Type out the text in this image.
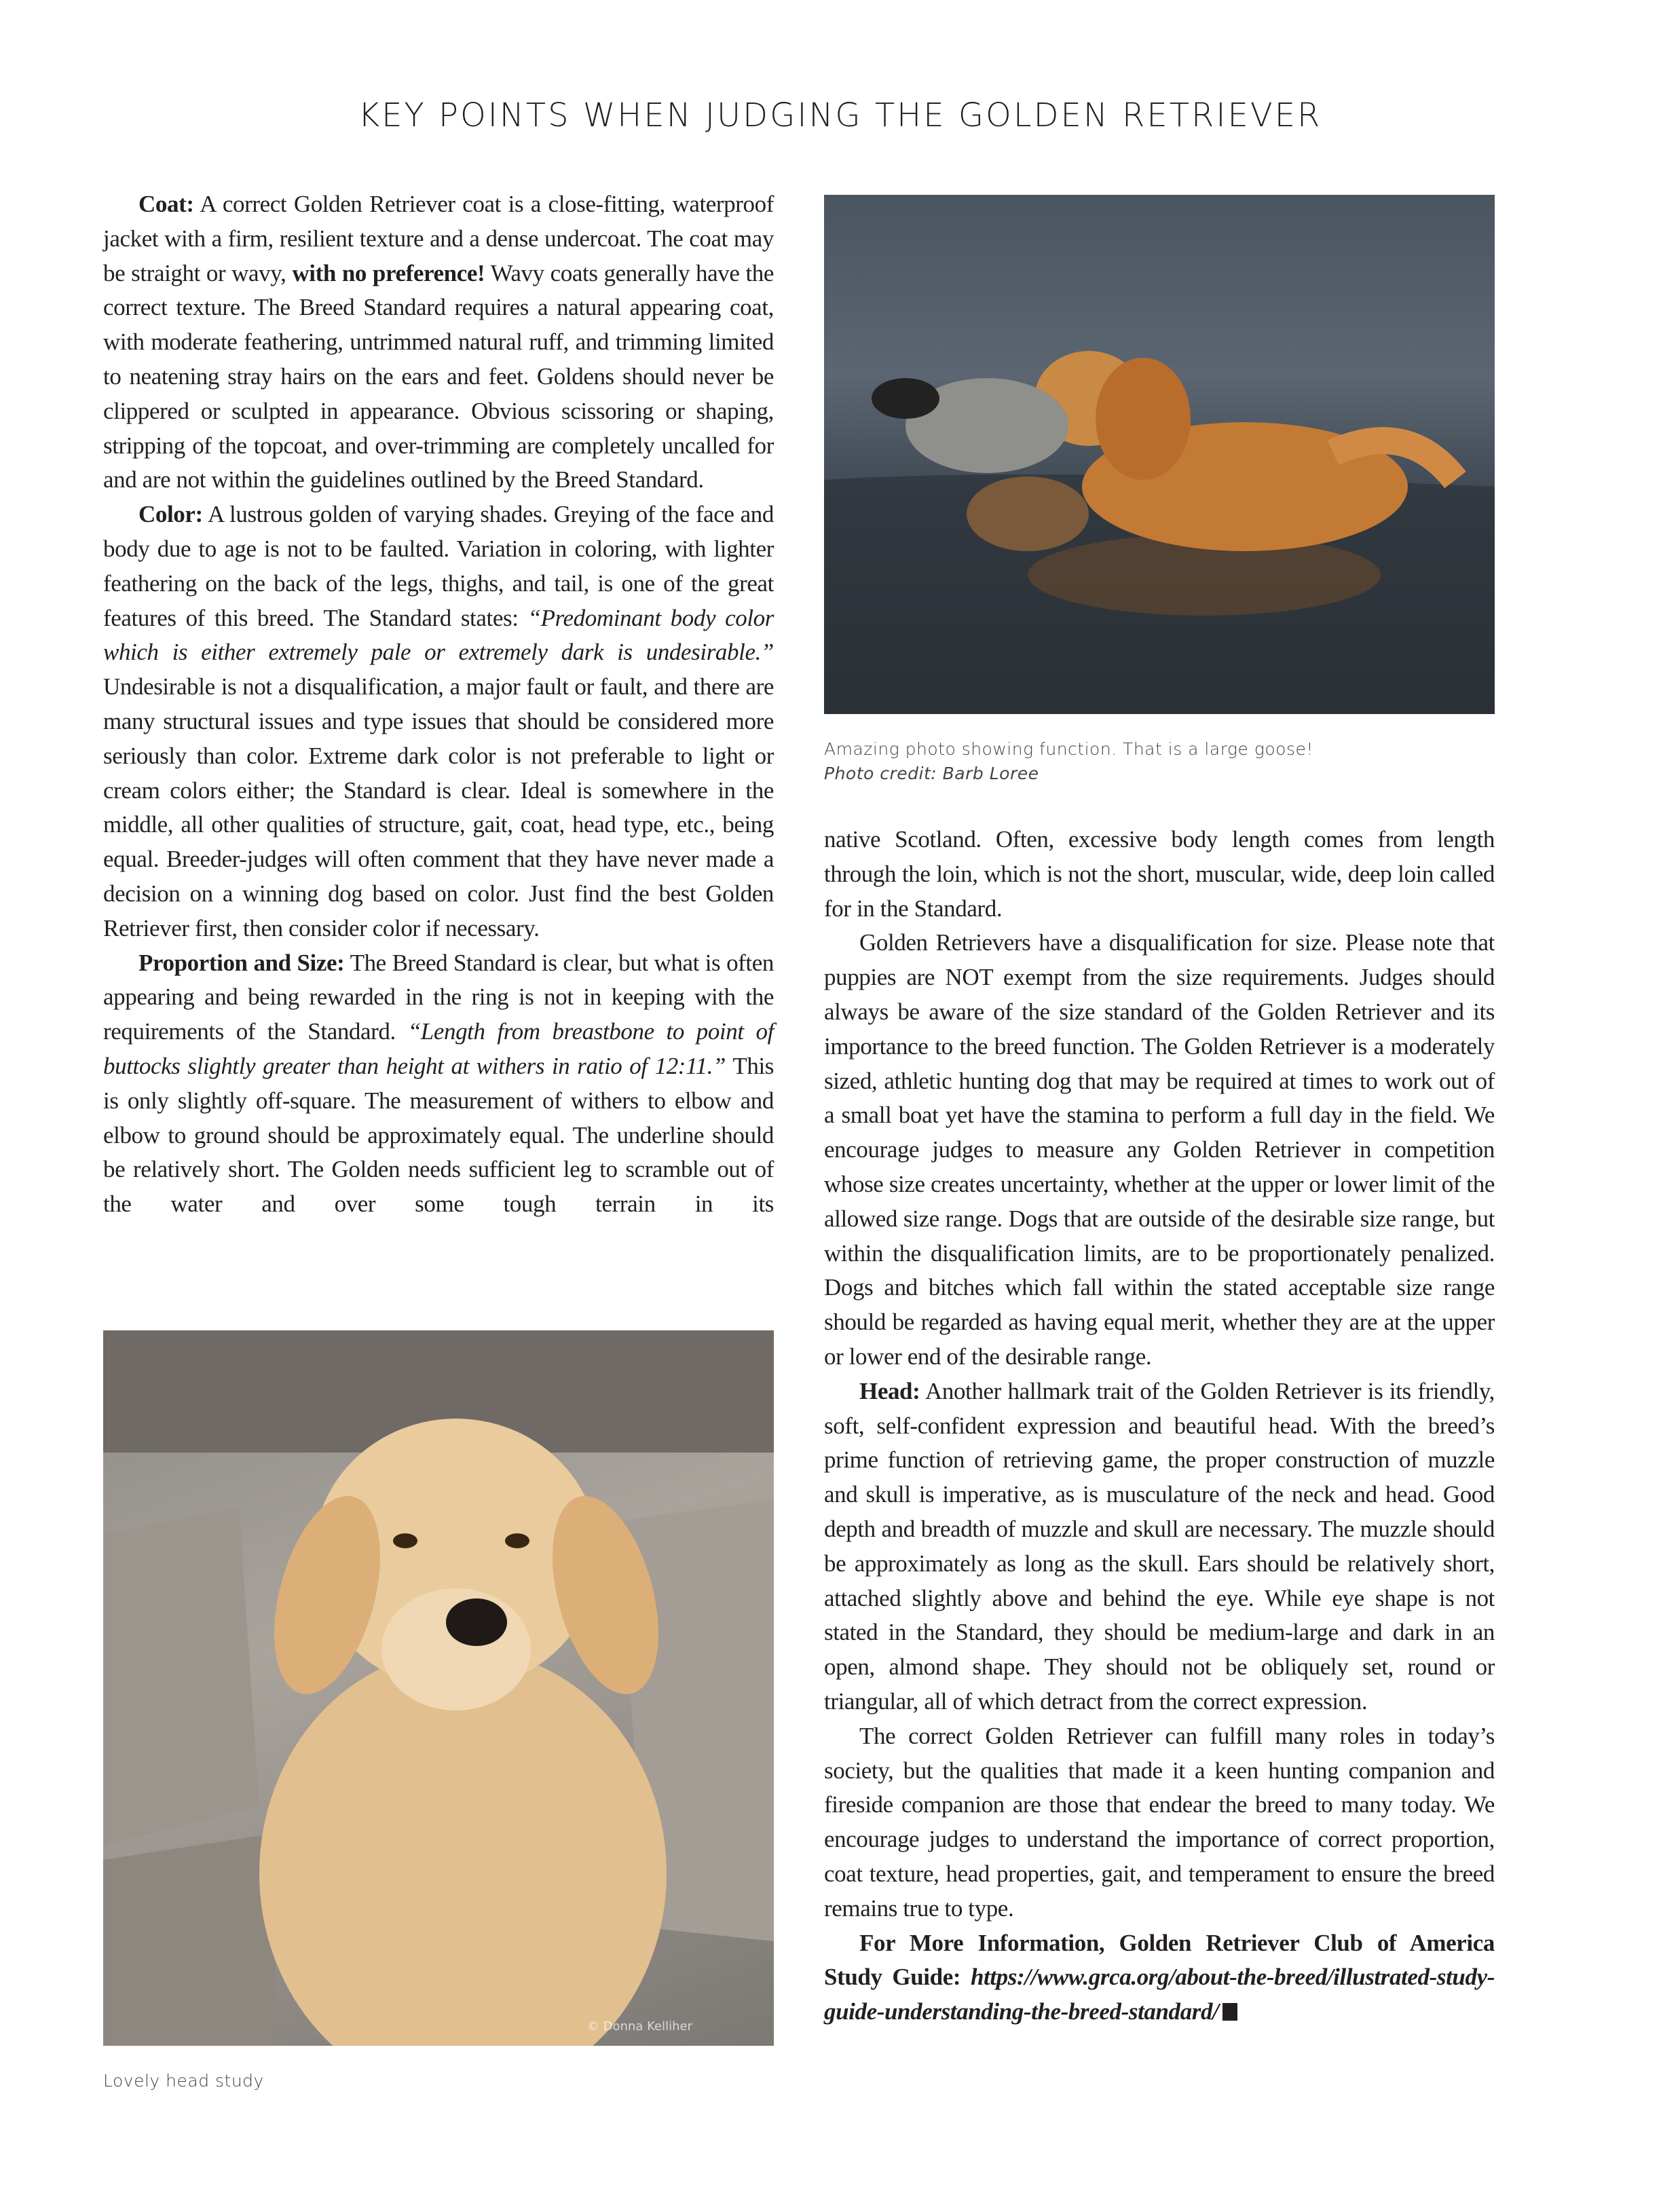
KEY POINTS WHEN JUDGING THE GOLDEN RETRIEVER

Coat: A correct Golden Retriever coat is a close-fitting, waterproof jacket with a firm, resilient texture and a dense undercoat. The coat may be straight or wavy, with no preference! Wavy coats generally have the correct texture. The Breed Standard requires a natural appearing coat, with moderate feathering, untrimmed natural ruff, and trimming limited to neatening stray hairs on the ears and feet. Goldens should never be clippered or sculpted in appearance. Obvious scissoring or shaping, stripping of the topcoat, and over-trimming are completely uncalled for and are not within the guidelines outlined by the Breed Standard.

Color: A lustrous golden of varying shades. Greying of the face and body due to age is not to be faulted. Variation in coloring, with lighter feathering on the back of the legs, thighs, and tail, is one of the great features of this breed. The Standard states: “Predominant body color which is either extremely pale or extremely dark is undesirable.” Undesirable is not a disqualification, a major fault or fault, and there are many structural issues and type issues that should be considered more seriously than color. Extreme dark color is not preferable to light or cream colors either; the Standard is clear. Ideal is somewhere in the middle, all other qualities of structure, gait, coat, head type, etc., being equal. Breeder-judges will often comment that they have never made a decision on a winning dog based on color. Just find the best Golden Retriever first, then consider color if necessary.

Proportion and Size: The Breed Standard is clear, but what is often appearing and being rewarded in the ring is not in keeping with the requirements of the Standard. “Length from breastbone to point of buttocks slightly greater than height at withers in ratio of 12:11.” This is only slightly off-square. The measurement of withers to elbow and elbow to ground should be approximately equal. The underline should be relatively short. The Golden needs sufficient leg to scramble out of the water and over some tough terrain in its

Amazing photo showing function. That is a large goose!
Photo credit: Barb Loree

native Scotland. Often, excessive body length comes from length through the loin, which is not the short, muscular, wide, deep loin called for in the Standard.

Golden Retrievers have a disqualification for size. Please note that puppies are NOT exempt from the size requirements. Judges should always be aware of the size standard of the Golden Retriever and its importance to the breed function. The Golden Retriever is a moderately sized, athletic hunting dog that may be required at times to work out of a small boat yet have the stamina to perform a full day in the field. We encourage judges to measure any Golden Retriever in competition whose size creates uncertainty, whether at the upper or lower limit of the allowed size range. Dogs that are outside of the desirable size range, but within the disqualification limits, are to be proportionately penalized. Dogs and bitches which fall within the stated acceptable size range should be regarded as having equal merit, whether they are at the upper or lower end of the desirable range.

Head: Another hallmark trait of the Golden Retriever is its friendly, soft, self-confident expression and beautiful head. With the breed’s prime function of retrieving game, the proper construction of muzzle and skull is imperative, as is musculature of the neck and head. Good depth and breadth of muzzle and skull are necessary. The muzzle should be approximately as long as the skull. Ears should be relatively short, attached slightly above and behind the eye. While eye shape is not stated in the Standard, they should be medium-large and dark in an open, almond shape. They should not be obliquely set, round or triangular, all of which detract from the correct expression.

The correct Golden Retriever can fulfill many roles in today’s society, but the qualities that made it a keen hunting companion and fireside companion are those that endear the breed to many today. We encourage judges to understand the importance of correct proportion, coat texture, head properties, gait, and temperament to ensure the breed remains true to type.

For More Information, Golden Retriever Club of America Study Guide: https://www.grca.org/about-the-breed/illustrated-study-guide-understanding-the-breed-standard/

© Donna Kelliher
Lovely head study
